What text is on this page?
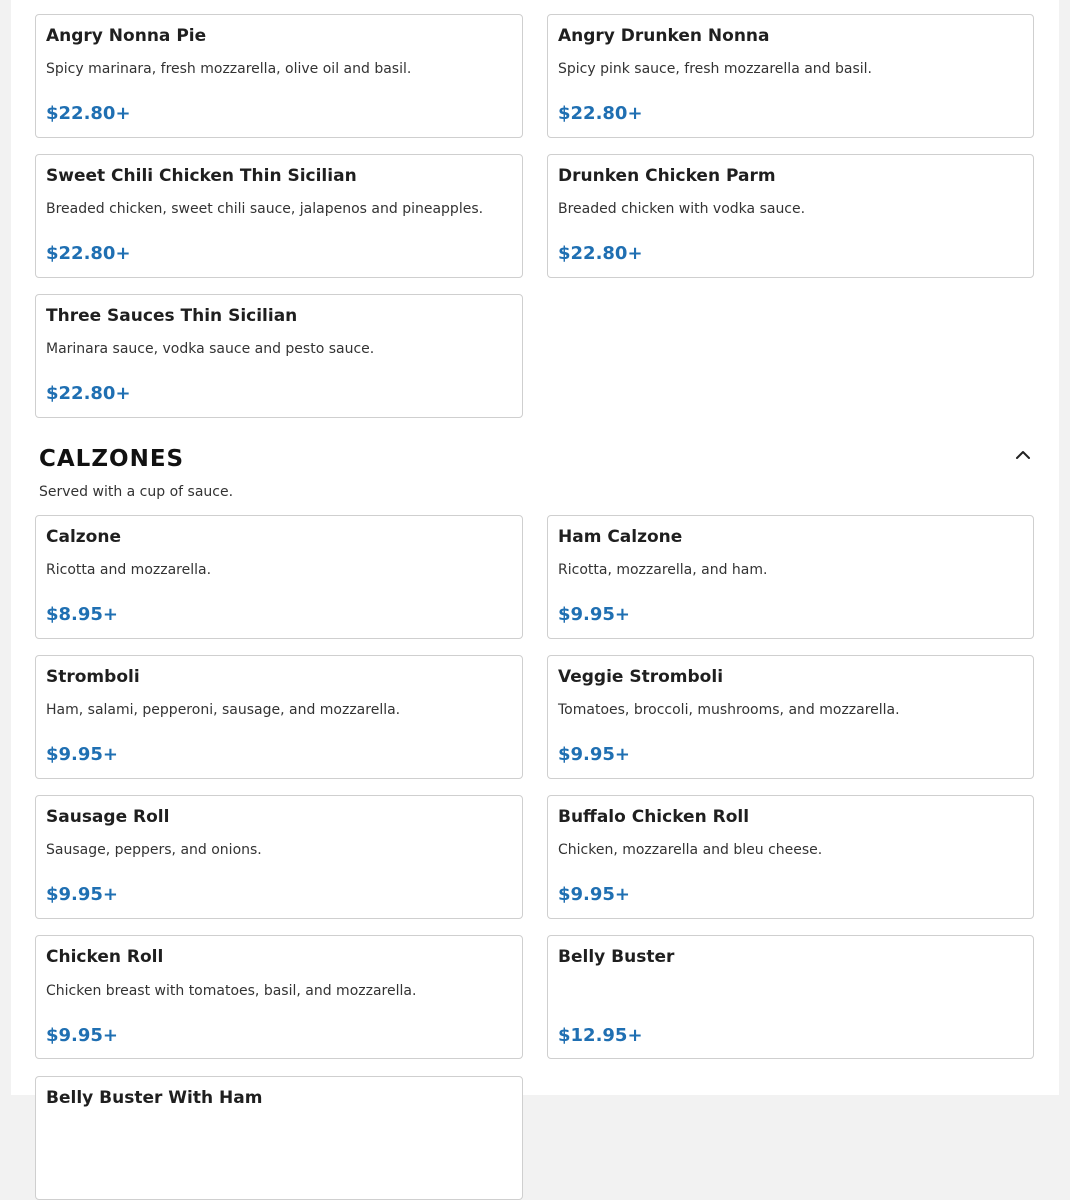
Angry Nonna Pie
Spicy marinara, fresh mozzarella, olive oil and basil.
$22.80+
Angry Drunken Nonna
Spicy pink sauce, fresh mozzarella and basil.
$22.80+
Sweet Chili Chicken Thin Sicilian
Breaded chicken, sweet chili sauce, jalapenos and pineapples.
$22.80+
Drunken Chicken Parm
Breaded chicken with vodka sauce.
$22.80+
Three Sauces Thin Sicilian
Marinara sauce, vodka sauce and pesto sauce.
$22.80+
CALZONES
Served with a cup of sauce.
Calzone
Ricotta and mozzarella.
$8.95+
Ham Calzone
Ricotta, mozzarella, and ham.
$9.95+
Stromboli
Ham, salami, pepperoni, sausage, and mozzarella.
$9.95+
Veggie Stromboli
Tomatoes, broccoli, mushrooms, and mozzarella.
$9.95+
Sausage Roll
Sausage, peppers, and onions.
$9.95+
Buffalo Chicken Roll
Chicken, mozzarella and bleu cheese.
$9.95+
Chicken Roll
Chicken breast with tomatoes, basil, and mozzarella.
$9.95+
Belly Buster
$12.95+
Belly Buster With Ham
